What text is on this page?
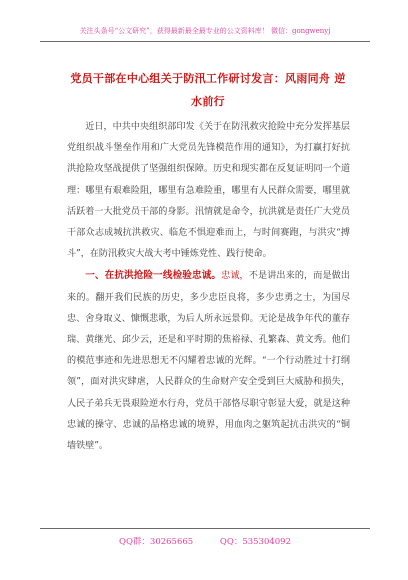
关注头条号“公文研究”，获得最新最全最专业的公文资料库！ 微信：gongwenyj
党员干部在中心组关于防汛工作研讨发言：风雨同舟 逆水前行

近日，中共中央组织部印发《关于在防汛救灾抢险中充分发挥基层党组织战斗堡垒作用和广大党员先锋模范作用的通知》，为打赢打好抗洪抢险攻坚战提供了坚强组织保障。历史和现实都在反复证明同一个道理：哪里有艰难险阻，哪里有急难险重，哪里有人民群众需要，哪里就活跃着一大批党员干部的身影。汛情就是命令，抗洪就是责任广大党员干部众志成城抗洪救灾、临危不惧迎难而上，与时间赛跑，与洪灾“搏斗”，在防汛救灾大战大考中锤炼党性、践行使命。

一、在抗洪抢险一线检验忠诚。忠诚，不是讲出来的，而是做出来的。翻开我们民族的历史，多少忠臣良将，多少忠勇之士，为国尽忠、舍身取义、慷慨悲歌，为后人所永远景仰。无论是战争年代的董存瑞、黄继光、邱少云，还是和平时期的焦裕禄、孔繁森、黄文秀。他们的模范事迹和先进思想无不闪耀着忠诚的光辉。“一个行动胜过十打纲领”，面对洪灾肆虐，人民群众的生命财产安全受到巨大威胁和损失，人民子弟兵无畏艰险逆水行舟，党员干部恪尽职守彰显大爱，就是这种忠诚的操守、忠诚的品格忠诚的境界，用血肉之躯筑起抗击洪灾的“铜墙铁壁”。

QQ群：30265665	QQ：535304092
